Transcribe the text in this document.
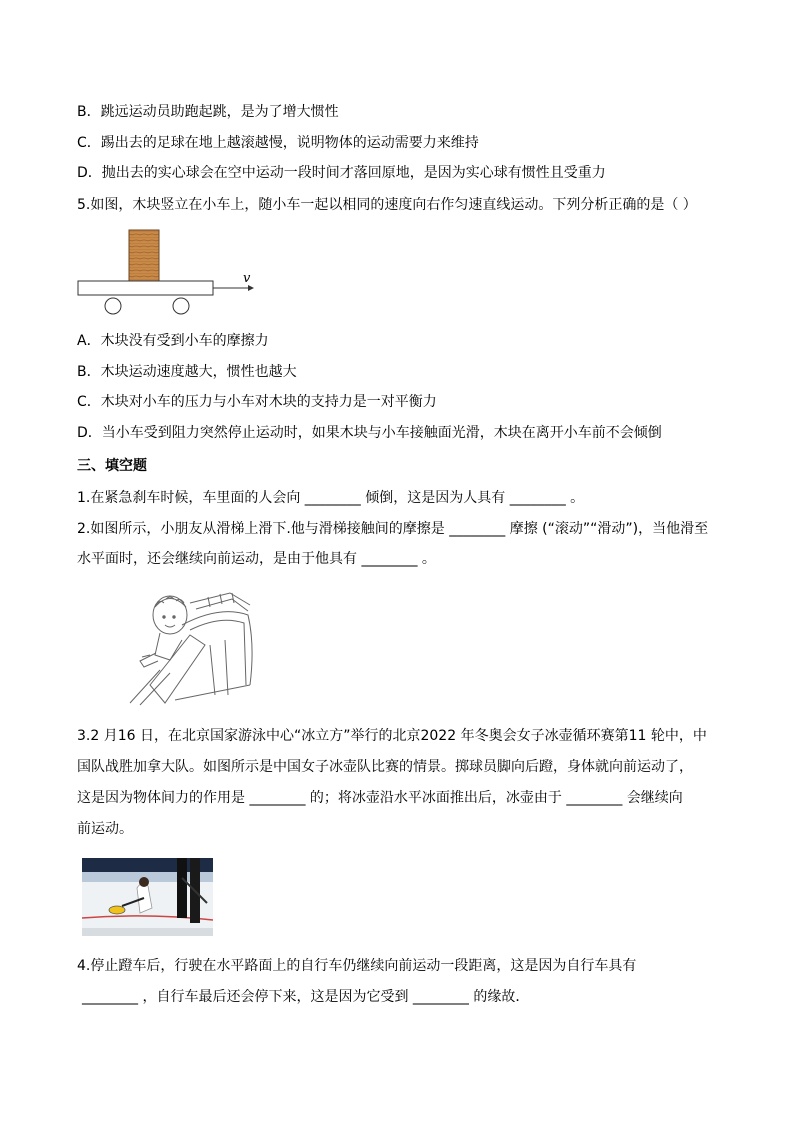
B．跳远运动员助跑起跳，是为了增大惯性
C．踢出去的足球在地上越滚越慢，说明物体的运动需要力来维持
D．抛出去的实心球会在空中运动一段时间才落回原地，是因为实心球有惯性且受重力
5.如图，木块竖立在小车上，随小车一起以相同的速度向右作匀速直线运动。下列分析正确的是（ ）
v
A．木块没有受到小车的摩擦力
B．木块运动速度越大，惯性也越大
C．木块对小车的压力与小车对木块的支持力是一对平衡力
D．当小车受到阻力突然停止运动时，如果木块与小车接触面光滑，木块在离开小车前不会倾倒
三、填空题
1.在紧急刹车时候，车里面的人会向 ________ 倾倒，这是因为人具有 ________ 。
2.如图所示，小朋友从滑梯上滑下.他与滑梯接触间的摩擦是 ________ 摩擦 (“滚动”“滑动”)，当他滑至
水平面时，还会继续向前运动，是由于他具有 ________ 。
3.2 月16 日，在北京国家游泳中心“冰立方”举行的北京2022 年冬奥会女子冰壶循环赛第11 轮中，中
国队战胜加拿大队。如图所示是中国女子冰壶队比赛的情景。掷球员脚向后蹬，身体就向前运动了，
这是因为物体间力的作用是 ________ 的；将冰壶沿水平冰面推出后，冰壶由于 ________ 会继续向
前运动。
4.停止蹬车后，行驶在水平路面上的自行车仍继续向前运动一段距离，这是因为自行车具有
________ ，自行车最后还会停下来，这是因为它受到 ________ 的缘故．
